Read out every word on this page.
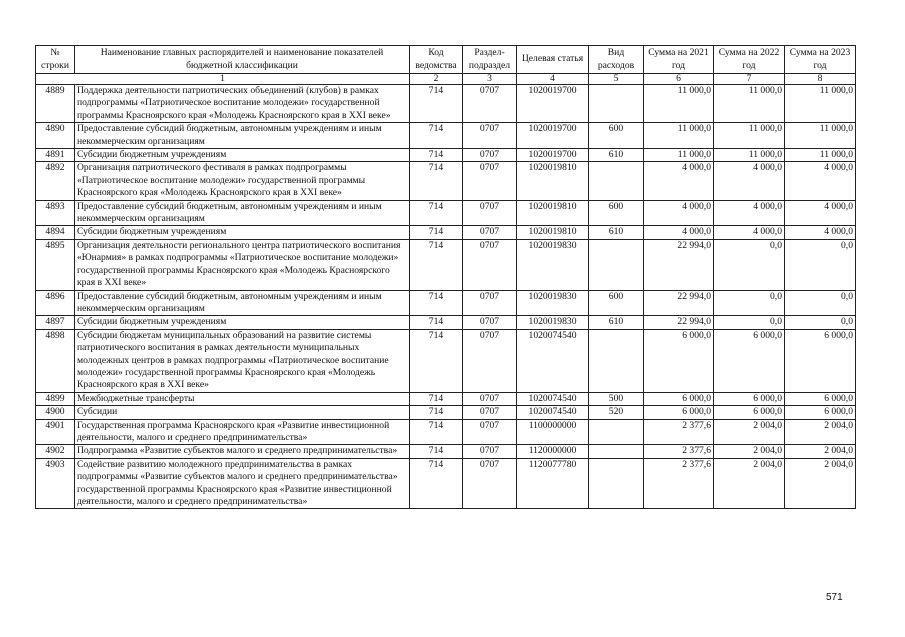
№ строки	Наименование главных распорядителей и наименование показателей бюджетной классификации	Код ведомства	Раздел-подраздел	Целевая статья	Вид расходов	Сумма на 2021 год	Сумма на 2022 год	Сумма на 2023 год
1		2	3	4	5	6	7	8
4889	Поддержка деятельности патриотических объединений (клубов) в рамках подпрограммы «Патриотическое воспитание молодежи» государственной программы Красноярского края «Молодежь Красноярского края в XXI веке»	714	0707	1020019700		11 000,0	11 000,0	11 000,0
4890	Предоставление субсидий бюджетным, автономным учреждениям и иным некоммерческим организациям	714	0707	1020019700	600	11 000,0	11 000,0	11 000,0
4891	Субсидии бюджетным учреждениям	714	0707	1020019700	610	11 000,0	11 000,0	11 000,0
4892	Организация патриотического фестиваля в рамках подпрограммы «Патриотическое воспитание молодежи» государственной программы Красноярского края «Молодежь Красноярского края в XXI веке»	714	0707	1020019810		4 000,0	4 000,0	4 000,0
4893	Предоставление субсидий бюджетным, автономным учреждениям и иным некоммерческим организациям	714	0707	1020019810	600	4 000,0	4 000,0	4 000,0
4894	Субсидии бюджетным учреждениям	714	0707	1020019810	610	4 000,0	4 000,0	4 000,0
4895	Организация деятельности регионального центра патриотического воспитания «Юнармия» в рамках подпрограммы «Патриотическое воспитание молодежи» государственной программы Красноярского края «Молодежь Красноярского края в XXI веке»	714	0707	1020019830		22 994,0	0,0	0,0
4896	Предоставление субсидий бюджетным, автономным учреждениям и иным некоммерческим организациям	714	0707	1020019830	600	22 994,0	0,0	0,0
4897	Субсидии бюджетным учреждениям	714	0707	1020019830	610	22 994,0	0,0	0,0
4898	Субсидии бюджетам муниципальных образований на развитие системы патриотического воспитания в рамках деятельности муниципальных молодежных центров в рамках подпрограммы «Патриотическое воспитание молодежи» государственной программы Красноярского края «Молодежь Красноярского края в XXI веке»	714	0707	1020074540		6 000,0	6 000,0	6 000,0
4899	Межбюджетные трансферты	714	0707	1020074540	500	6 000,0	6 000,0	6 000,0
4900	Субсидии	714	0707	1020074540	520	6 000,0	6 000,0	6 000,0
4901	Государственная программа Красноярского края «Развитие инвестиционной деятельности, малого и среднего предпринимательства»	714	0707	1100000000		2 377,6	2 004,0	2 004,0
4902	Подпрограмма «Развитие субъектов малого и среднего предпринимательства»	714	0707	1120000000		2 377,6	2 004,0	2 004,0
4903	Содействие развитию молодежного предпринимательства в рамках подпрограммы «Развитие субъектов малого и среднего предпринимательства» государственной программы Красноярского края «Развитие инвестиционной деятельности, малого и среднего предпринимательства»	714	0707	1120077780		2 377,6	2 004,0	2 004,0
571
